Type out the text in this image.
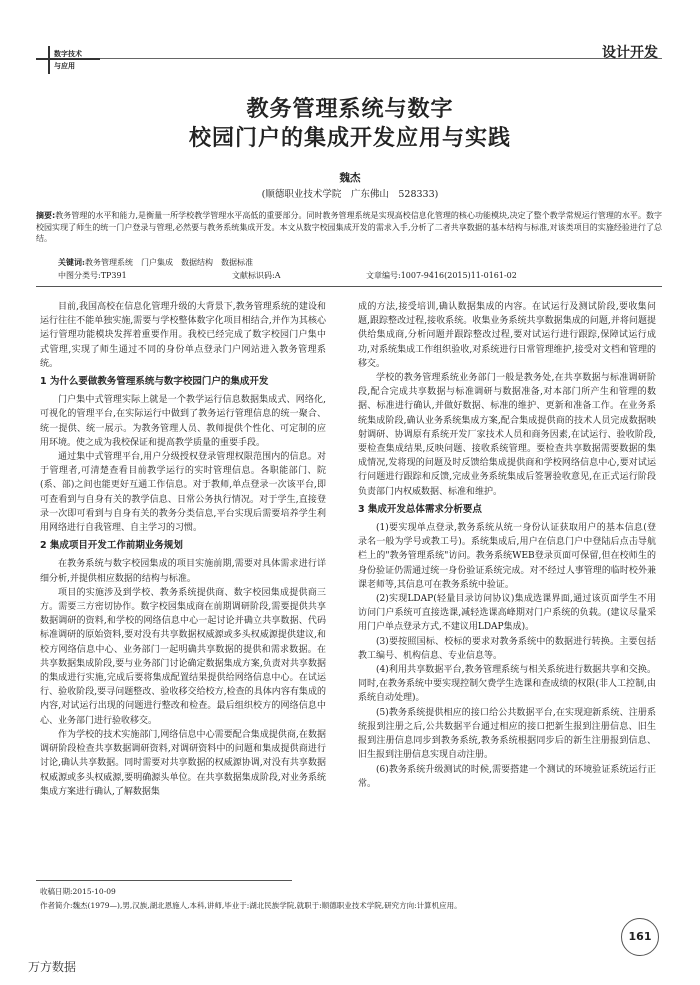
数字技术
与应用
设计开发
教务管理系统与数字
校园门户的集成开发应用与实践
魏杰
(顺德职业技术学院　广东佛山　528333)
摘要:教务管理的水平和能力,是衡量一所学校教学管理水平高低的重要部分。同时教务管理系统是实现高校信息化管理的核心功能模块,决定了整个教学常规运行管理的水平。数字校园实现了师生的统一门户登录与管理,必然要与教务系统集成开发。本文从数字校园集成开发的需求入手,分析了二者共享数据的基本结构与标准,对该类项目的实施经验进行了总结。
关键词:教务管理系统　门户集成　数据结构　数据标准
中图分类号:TP391	文献标识码:A	文章编号:1007-9416(2015)11-0161-02

目前,我国高校在信息化管理升级的大背景下,教务管理系统的建设和运行往往不能单独实施,需要与学校整体数字化项目相结合,并作为其核心运行管理功能模块发挥着重要作用。我校已经完成了数字校园门户集中式管理,实现了师生通过不同的身份单点登录门户网站进入教务管理系统。

1 为什么要做教务管理系统与数字校园门户的集成开发

门户集中式管理实际上就是一个教学运行信息数据集成式、网络化,可视化的管理平台,在实际运行中做到了教务运行管理信息的统一聚合、统一提供、统一展示。为教务管理人员、教师提供个性化、可定制的应用环境。使之成为我校保证和提高教学质量的重要手段。

通过集中式管理平台,用户分级授权登录管理权限范围内的信息。对于管理者,可清楚查看目前教学运行的实时管理信息。各职能部门、院(系、部)之间也能更好互通工作信息。对于教师,单点登录一次该平台,即可查看到与自身有关的教学信息、日常公务执行情况。对于学生,直接登录一次即可看到与自身有关的教务分类信息,平台实现后需要培养学生利用网络进行自我管理、自主学习的习惯。

2 集成项目开发工作前期业务规划

在教务系统与数字校园集成的项目实施前期,需要对具体需求进行详细分析,并提供相应数据的结构与标准。

项目的实施涉及到学校、教务系统提供商、数字校园集成提供商三方。需要三方密切协作。数字校园集成商在前期调研阶段,需要提供共享数据调研的资料,和学校的网络信息中心一起讨论并确立共享数据、代码标准调研的原始资料,要对没有共享数据权威源或多头权威源提供建议,和校方网络信息中心、业务部门一起明确共享数据的提供和需求数据。在共享数据集成阶段,要与业务部门讨论确定数据集成方案,负责对共享数据的集成进行实施,完成后要将集成配置结果提供给网络信息中心。在试运行、验收阶段,要寻问题整改、验收移交给校方,检查的具体内容有集成的内容,对试运行出现的问题进行整改和检查。最后组织校方的网络信息中心、业务部门进行验收移交。

作为学校的技术实施部门,网络信息中心需要配合集成提供商,在数据调研阶段检查共享数据调研资料,对调研资料中的问题和集成提供商进行讨论,确认共享数据。同时需要对共享数据的权威源协调,对没有共享数据权威源或多头权威源,要明确源头单位。在共享数据集成阶段,对业务系统集成方案进行确认,了解数据集

成的方法,接受培训,确认数据集成的内容。在试运行及测试阶段,要收集问题,跟踪整改过程,接收系统。收集业务系统共享数据集成的问题,并将问题提供给集成商,分析问题并跟踪整改过程,要对试运行进行跟踪,保障试运行成功,对系统集成工作组织验收,对系统进行日常管理维护,接受对文档和管理的移交。

学校的教务管理系统业务部门一般是教务处,在共享数据与标准调研阶段,配合完成共享数据与标准调研与数据准备,对本部门所产生和管理的数据、标准进行确认,并做好数据、标准的维护、更新和准备工作。在业务系统集成阶段,确认业务系统集成方案,配合集成提供商的技术人员完成数据映射调研、协调原有系统开发厂家技术人员和商务因素,在试运行、验收阶段,要检查集成结果,反映问题、接收系统管理。要检查共享数据需要数据的集成情况,发将现的问题及时反馈给集成提供商和学校网络信息中心,要对试运行问题进行跟踪和反馈,完成业务系统集成后签署验收意见,在正式运行阶段负责部门内权威数据、标准和维护。

3 集成开发总体需求分析要点

(1)要实现单点登录,教务系统从统一身份认证获取用户的基本信息(登录名一般为学号或教工号)。系统集成后,用户在信息门户中登陆后点击导航栏上的"教务管理系统"访问。教务系统WEB登录页面可保留,但在校师生的身份验证仍需通过统一身份验证系统完成。对不经过人事管理的临时校外兼课老师等,其信息可在教务系统中验证。

(2)实现LDAP(轻量目录访问协议)集成选课界面,通过该页面学生不用访问门户系统可直接选课,减轻选课高峰期对门户系统的负载。(建议尽量采用门户单点登录方式,不建议用LDAP集成)。

(3)要按照国标、校标的要求对教务系统中的数据进行转换。主要包括教工编号、机构信息、专业信息等。

(4)利用共享数据平台,教务管理系统与相关系统进行数据共享和交换。同时,在教务系统中要实现控制欠费学生选课和查成绩的权限(非人工控制,由系统自动处理)。

(5)教务系统提供相应的接口给公共数据平台,在实现迎新系统、注册系统报到注册之后,公共数据平台通过相应的接口把新生报到注册信息、旧生报到注册信息同步到教务系统,教务系统根据同步后的新生注册报到信息、旧生报到注册信息实现自动注册。

(6)教务系统升级测试的时候,需要搭建一个测试的环境验证系统运行正常。

收稿日期:2015-10-09
作者简介:魏杰(1979—),男,汉族,湖北恩施人,本科,讲师,毕业于:湖北民族学院,就职于:顺德职业技术学院,研究方向:计算机应用。
161
万方数据
